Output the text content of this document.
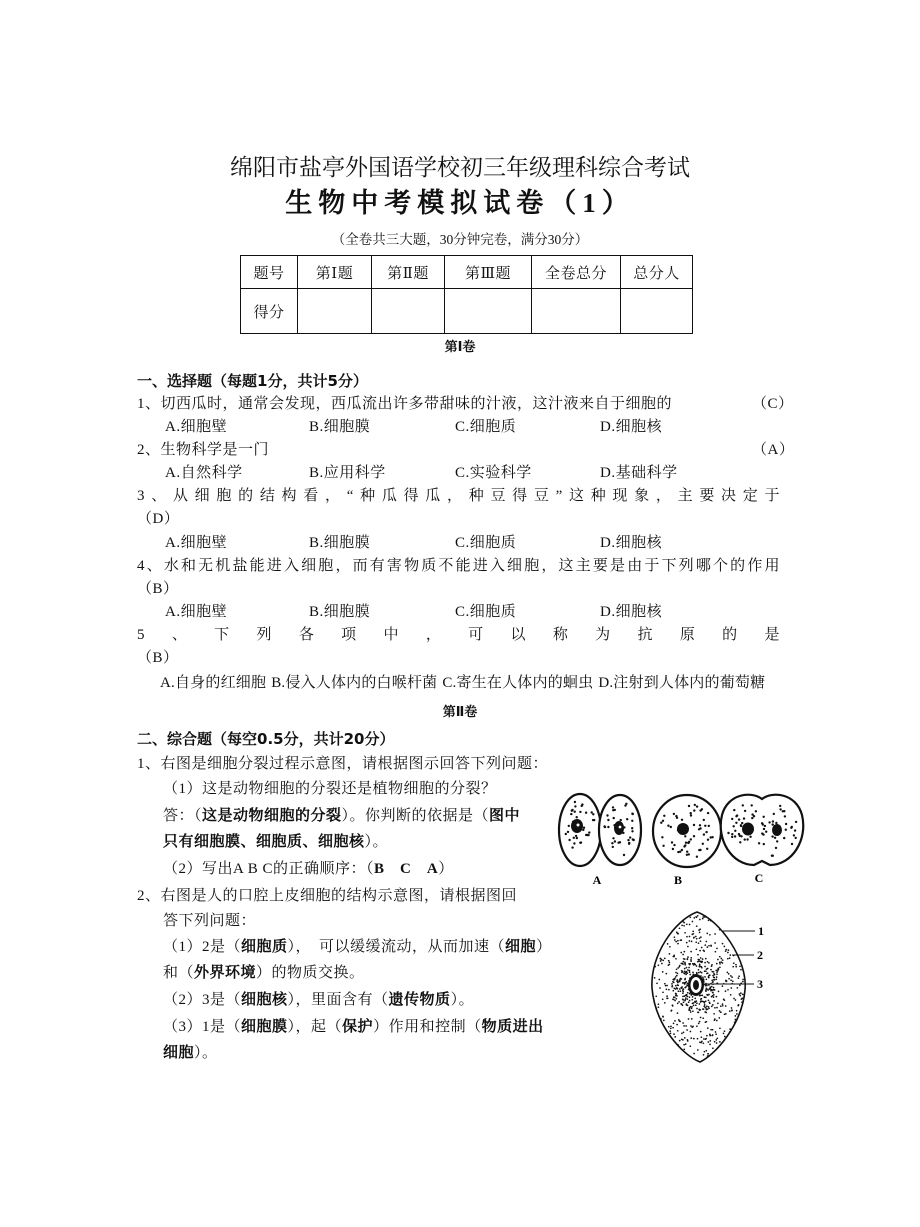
绵阳市盐亭外国语学校初三年级理科综合考试
生物中考模拟试卷（1）
（全卷共三大题，30分钟完卷，满分30分）
题号	第Ⅰ题	第Ⅱ题	第Ⅲ题	全卷总分	总分人
得分					
第Ⅰ卷
一、选择题（每题1分，共计5分）
1、切西瓜时，通常会发现，西瓜流出许多带甜味的汁液，这汁液来自于细胞的	（C）
A.细胞壁	B.细胞膜	C.细胞质	D.细胞核
2、生物科学是一门	（A）
A.自然科学	B.应用科学	C.实验科学	D.基础科学
3、从细胞的结构看，“种瓜得瓜，种豆得豆”这种现象，主要决定于
（D）
A.细胞壁	B.细胞膜	C.细胞质	D.细胞核
4、水和无机盐能进入细胞，而有害物质不能进入细胞，这主要是由于下列哪个的作用
（B）
A.细胞壁	B.细胞膜	C.细胞质	D.细胞核
5、下列各项中，可以称为抗原的是
（B）
A.自身的红细胞 B.侵入人体内的白喉杆菌 C.寄生在人体内的蛔虫 D.注射到人体内的葡萄糖
第Ⅱ卷
二、综合题（每空0.5分，共计20分）
1、右图是细胞分裂过程示意图，请根据图示回答下列问题：
（1）这是动物细胞的分裂还是植物细胞的分裂？
答：（这是动物细胞的分裂）。你判断的依据是（图中
只有细胞膜、细胞质、细胞核）。
（2）写出A B C的正确顺序：（B　C　A）
2、右图是人的口腔上皮细胞的结构示意图，请根据图回
答下列问题：
（1）2是（细胞质），　可以缓缓流动，从而加速（细胞）
和（外界环境）的物质交换。
（2）3是（细胞核），里面含有（遗传物质）。
（3）1是（细胞膜），起（保护）作用和控制（物质进出
细胞）。
A	B	C
1
2
3
